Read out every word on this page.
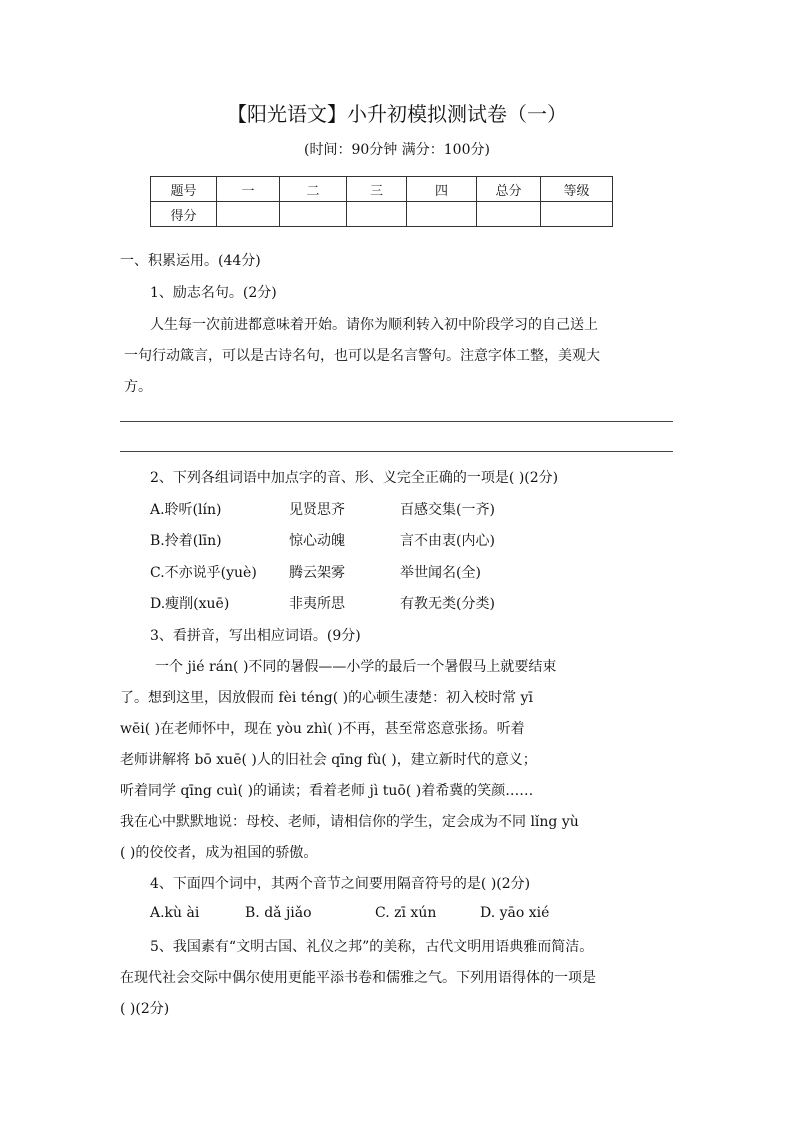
【阳光语文】小升初模拟测试卷（一）
(时间：90分钟 满分：100分)
题号	一	二	三	四	总分	等级
得分						
一、积累运用。(44分)
1、励志名句。(2分)
人生每一次前进都意味着开始。请你为顺利转入初中阶段学习的自己送上
一句行动箴言，可以是古诗名句，也可以是名言警句。注意字体工整，美观大
方。
2、下列各组词语中加点字的音、形、义完全正确的一项是( )(2分)
A.聆听(lín)	见贤思齐	百感交集(一齐)
B.拎着(līn)	惊心动魄	言不由衷(内心)
C.不亦说乎(yuè) 腾云架雾	举世闻名(全)
D.瘦削(xuē)	非夷所思	有教无类(分类)
3、看拼音，写出相应词语。(9分)
一个 jié rán( )不同的暑假——小学的最后一个暑假马上就要结束
了。想到这里，因放假而 fèi téng( )的心顿生凄楚：初入校时常 yī
wēi( )在老师怀中，现在 yòu zhì( )不再，甚至常恣意张扬。听着
老师讲解将 bō xuē( )人的旧社会 qīng fù( )，建立新时代的意义；
听着同学 qīng cuì( )的诵读；看着老师 jì tuō( )着希冀的笑颜……
我在心中默默地说：母校、老师，请相信你的学生，定会成为不同 lǐng yù
( )的佼佼者，成为祖国的骄傲。
4、下面四个词中，其两个音节之间要用隔音符号的是( )(2分)
A.kù ài	B. dǎ jiǎo	C. zī xún	D. yāo xié
5、我国素有“文明古国、礼仪之邦”的美称，古代文明用语典雅而简洁。
在现代社会交际中偶尔使用更能平添书卷和儒雅之气。下列用语得体的一项是
( )(2分)
